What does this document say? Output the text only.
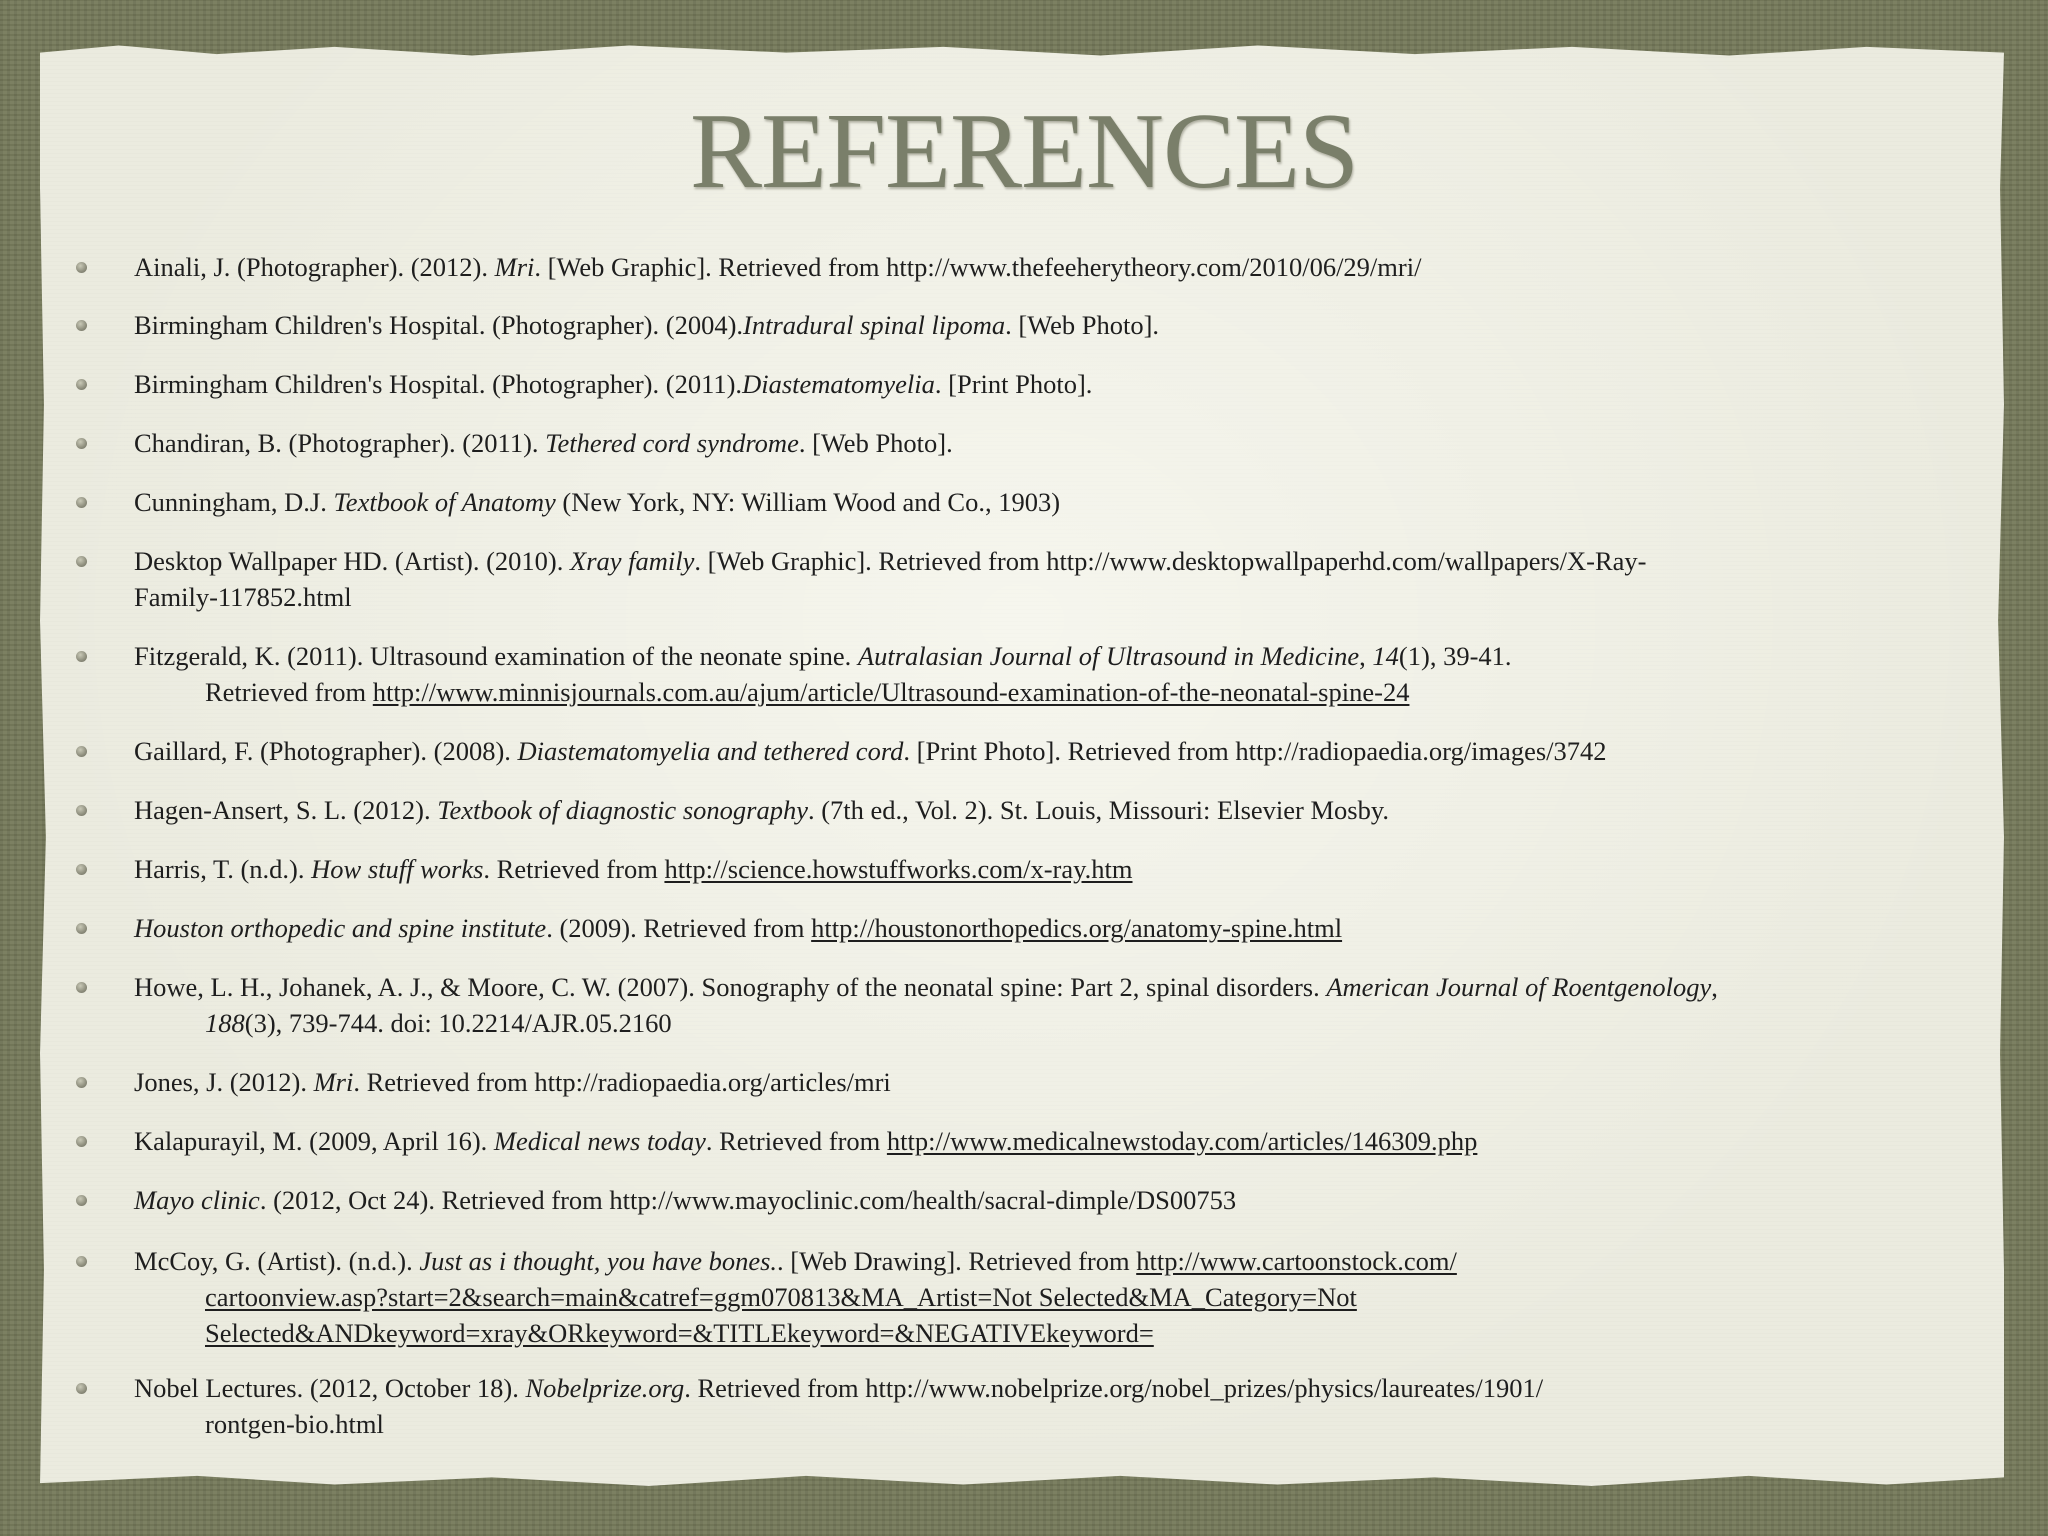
REFERENCES
Ainali, J. (Photographer). (2012). Mri. [Web Graphic]. Retrieved from http://www.thefeeherytheory.com/2010/06/29/mri/
Birmingham Children's Hospital. (Photographer). (2004).Intradural spinal lipoma. [Web Photo].
Birmingham Children's Hospital. (Photographer). (2011).Diastematomyelia. [Print Photo].
Chandiran, B. (Photographer). (2011). Tethered cord syndrome. [Web Photo].
Cunningham, D.J. Textbook of Anatomy (New York, NY: William Wood and Co., 1903)
Desktop Wallpaper HD. (Artist). (2010). Xray family. [Web Graphic]. Retrieved from http://www.desktopwallpaperhd.com/wallpapers/X-Ray-
Family-117852.html
Fitzgerald, K. (2011). Ultrasound examination of the neonate spine. Autralasian Journal of Ultrasound in Medicine, 14(1), 39-41.
Retrieved from http://www.minnisjournals.com.au/ajum/article/Ultrasound-examination-of-the-neonatal-spine-24
Gaillard, F. (Photographer). (2008). Diastematomyelia and tethered cord. [Print Photo]. Retrieved from http://radiopaedia.org/images/3742
Hagen-Ansert, S. L. (2012). Textbook of diagnostic sonography. (7th ed., Vol. 2). St. Louis, Missouri: Elsevier Mosby.
Harris, T. (n.d.). How stuff works. Retrieved from http://science.howstuffworks.com/x-ray.htm
Houston orthopedic and spine institute. (2009). Retrieved from http://houstonorthopedics.org/anatomy-spine.html
Howe, L. H., Johanek, A. J., & Moore, C. W. (2007). Sonography of the neonatal spine: Part 2, spinal disorders. American Journal of Roentgenology,
188(3), 739-744. doi: 10.2214/AJR.05.2160
Jones, J. (2012). Mri. Retrieved from http://radiopaedia.org/articles/mri
Kalapurayil, M. (2009, April 16). Medical news today. Retrieved from http://www.medicalnewstoday.com/articles/146309.php
Mayo clinic. (2012, Oct 24). Retrieved from http://www.mayoclinic.com/health/sacral-dimple/DS00753
McCoy, G. (Artist). (n.d.). Just as i thought, you have bones.. [Web Drawing]. Retrieved from http://www.cartoonstock.com/
cartoonview.asp?start=2&search=main&catref=ggm070813&MA_Artist=Not Selected&MA_Category=Not
Selected&ANDkeyword=xray&ORkeyword=&TITLEkeyword=&NEGATIVEkeyword=
Nobel Lectures. (2012, October 18). Nobelprize.org. Retrieved from http://www.nobelprize.org/nobel_prizes/physics/laureates/1901/
rontgen-bio.html
